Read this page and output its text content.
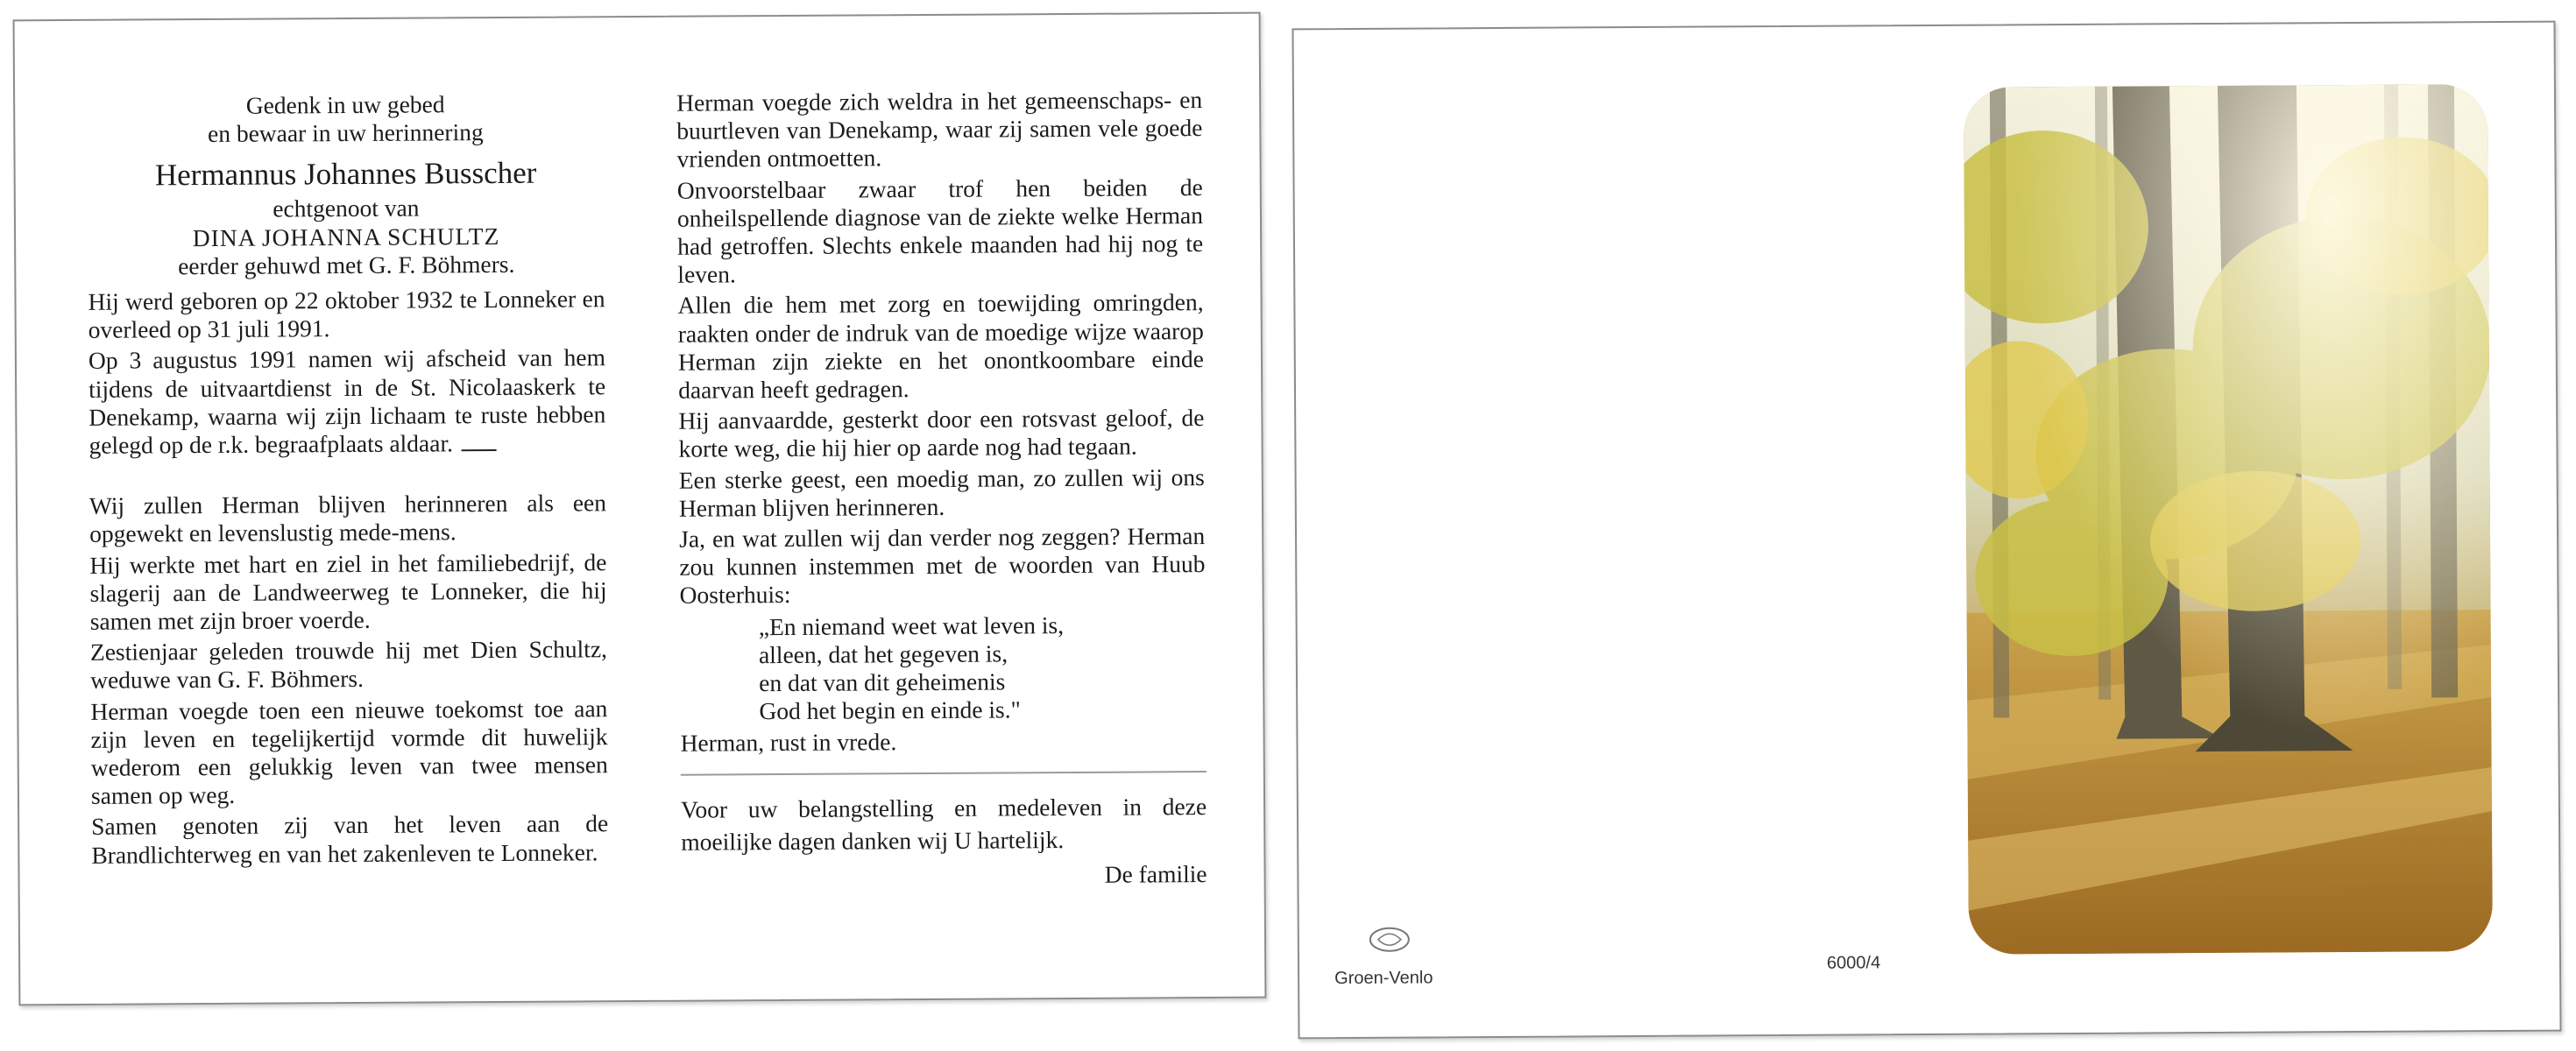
Gedenk in uw gebed

en bewaar in uw herinnering

Hermannus Johannes Busscher

echtgenoot van

DINA JOHANNA SCHULTZ

eerder gehuwd met G. F. Böhmers.

Hij werd geboren op 22 oktober 1932 te Lonneker en overleed op 31 juli 1991.

Op 3 augustus 1991 namen wij afscheid van hem tijdens de uitvaartdienst in de St. Nicolaaskerk te Denekamp, waarna wij zijn lichaam te ruste hebben gelegd op de r.k. begraafplaats aldaar.

Wij zullen Herman blijven herinneren als een opgewekt en levenslustig mede-mens.

Hij werkte met hart en ziel in het familiebedrijf, de slagerij aan de Landweerweg te Lonneker, die hij samen met zijn broer voerde.

Zestienjaar geleden trouwde hij met Dien Schultz, weduwe van G. F. Böhmers.

Herman voegde toen een nieuwe toekomst toe aan zijn leven en tegelijkertijd vormde dit huwelijk wederom een gelukkig leven van twee mensen samen op weg.

Samen genoten zij van het leven aan de Brandlichterweg en van het zakenleven te Lonneker.

Herman voegde zich weldra in het gemeenschaps- en buurtleven van Denekamp, waar zij samen vele goede vrienden ontmoetten.

Onvoorstelbaar zwaar trof hen beiden de onheilspellende diagnose van de ziekte welke Herman had getroffen. Slechts enkele maanden had hij nog te leven.

Allen die hem met zorg en toewijding omringden, raakten onder de indruk van de moedige wijze waarop Herman zijn ziekte en het onontkoombare einde daarvan heeft gedragen.

Hij aanvaardde, gesterkt door een rotsvast geloof, de korte weg, die hij hier op aarde nog had tegaan.

Een sterke geest, een moedig man, zo zullen wij ons Herman blijven herinneren.

Ja, en wat zullen wij dan verder nog zeggen? Herman zou kunnen instemmen met de woorden van Huub Oosterhuis:

„En niemand weet wat leven is,
alleen, dat het gegeven is,
en dat van dit geheimenis
God het begin en einde is."

Herman, rust in vrede.

Voor uw belangstelling en medeleven in deze moeilijke dagen danken wij U hartelijk.

De familie

Groen-Venlo
6000/4
